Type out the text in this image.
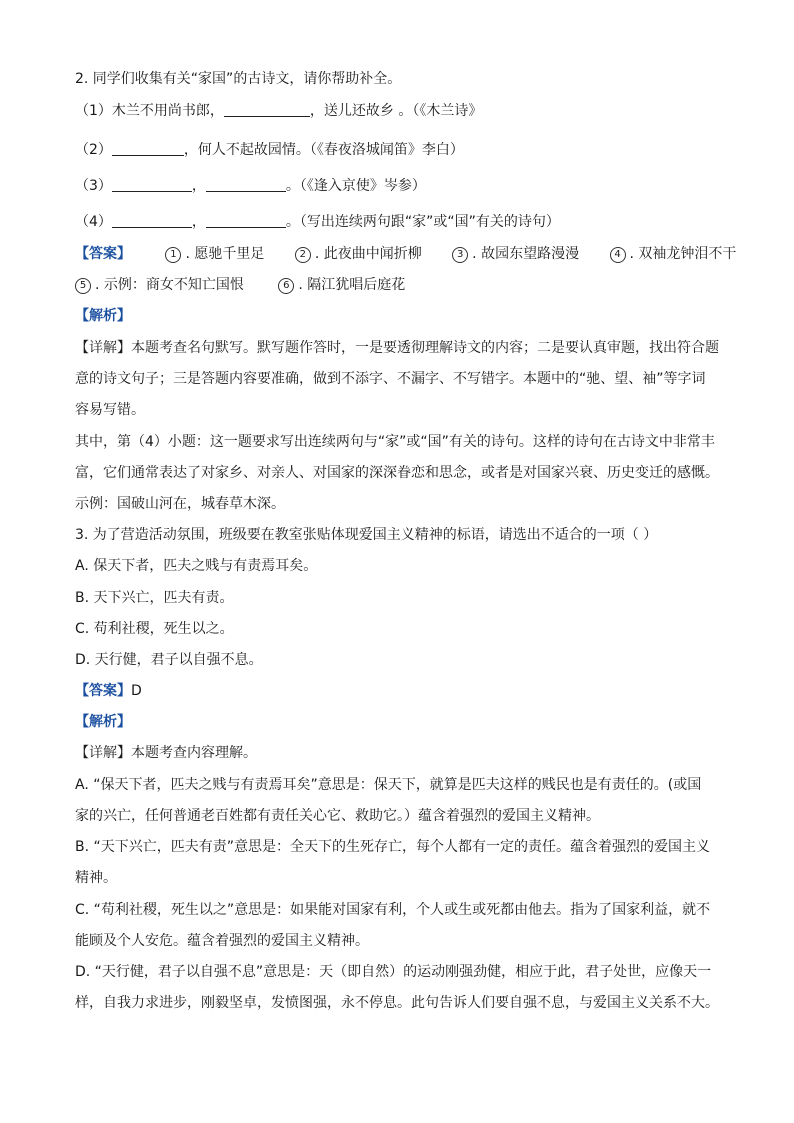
2. 同学们收集有关“家国”的古诗文，请你帮助补全。
（1）木兰不用尚书郎，	，送儿还故乡 。（《木兰诗》
（2）	，何人不起故园情。（《春夜洛城闻笛》李白）
（3）	，	。（《逢入京使》岑参）
（4）	，	。（写出连续两句跟“家”或“国”有关的诗句）
【答案】	1 . 愿驰千里足	2 . 此夜曲中闻折柳	3 . 故园东望路漫漫	4 . 双袖龙钟泪不干
5 . 示例：商女不知亡国恨	6 . 隔江犹唱后庭花
【解析】
【详解】本题考查名句默写。默写题作答时，一是要透彻理解诗文的内容；二是要认真审题，找出符合题
意的诗文句子；三是答题内容要准确，做到不添字、不漏字、不写错字。本题中的“驰、望、袖”等字词
容易写错。
其中，第（4）小题：这一题要求写出连续两句与“家”或“国”有关的诗句。这样的诗句在古诗文中非常丰
富，它们通常表达了对家乡、对亲人、对国家的深深眷恋和思念，或者是对国家兴衰、历史变迁的感慨。
示例：国破山河在，城春草木深。
3. 为了营造活动氛围，班级要在教室张贴体现爱国主义精神的标语，请选出不适合的一项（ ）
A. 保天下者，匹夫之贱与有责焉耳矣。
B. 天下兴亡，匹夫有责。
C. 苟利社稷，死生以之。
D. 天行健，君子以自强不息。
【答案】D
【解析】
【详解】本题考查内容理解。
A. “保天下者，匹夫之贱与有责焉耳矣”意思是：保天下，就算是匹夫这样的贱民也是有责任的。(或国
家的兴亡，任何普通老百姓都有责任关心它、救助它。）蕴含着强烈的爱国主义精神。
B. “天下兴亡，匹夫有责”意思是：全天下的生死存亡，每个人都有一定的责任。蕴含着强烈的爱国主义
精神。
C. “苟利社稷，死生以之”意思是：如果能对国家有利，个人或生或死都由他去。指为了国家利益，就不
能顾及个人安危。蕴含着强烈的爱国主义精神。
D. “天行健，君子以自强不息”意思是：天（即自然）的运动刚强劲健，相应于此，君子处世，应像天一
样，自我力求进步，刚毅坚卓，发愤图强，永不停息。此句告诉人们要自强不息，与爱国主义关系不大。
